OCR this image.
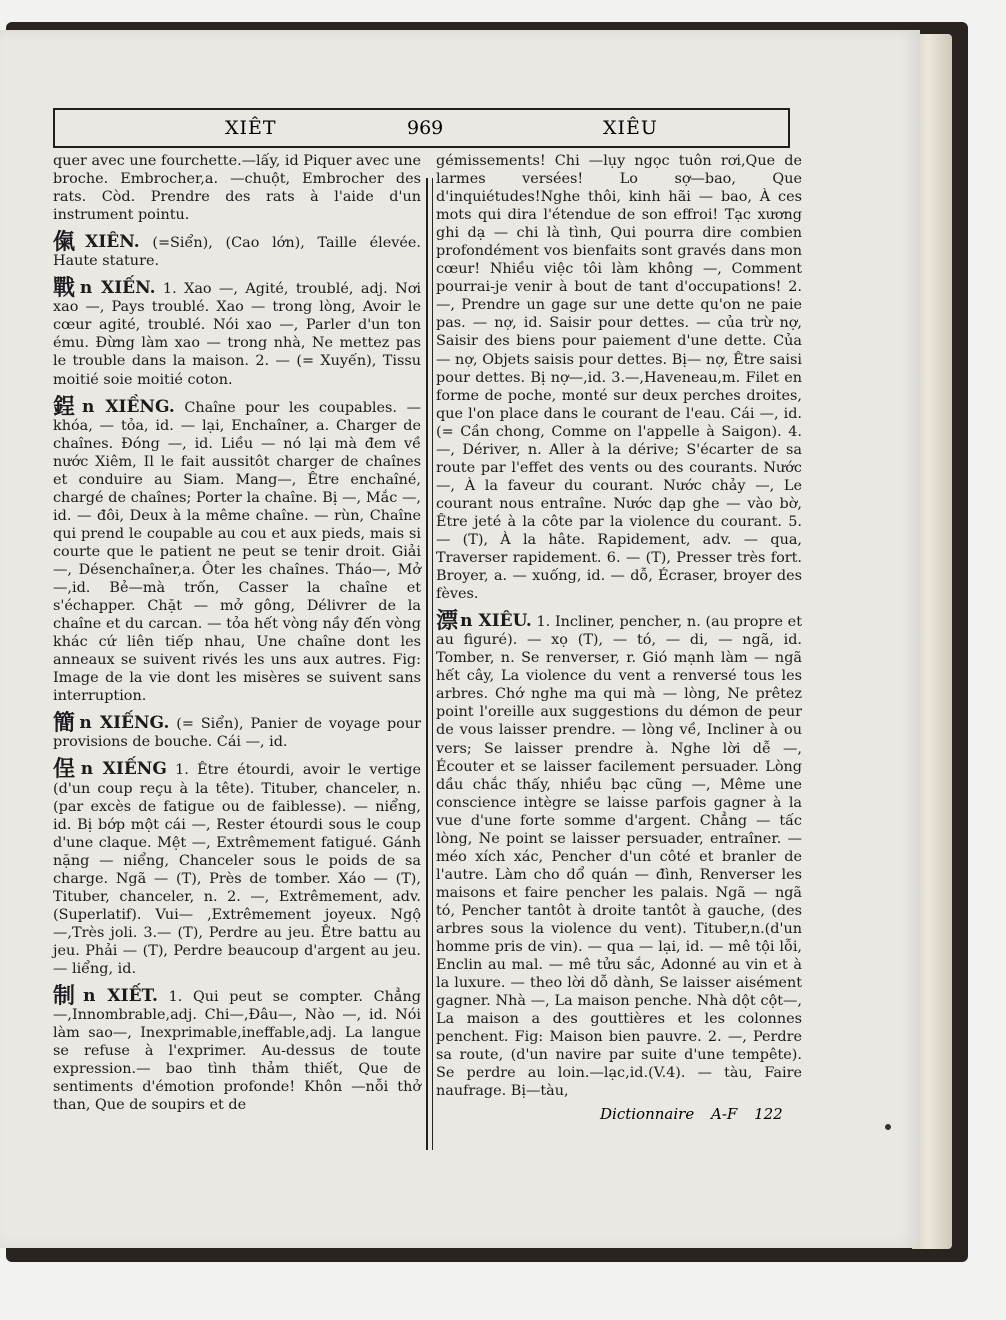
XIÊT	969	XIÊU

quer avec une fourchette.—lấy, id Piquer avec une broche. Embrocher,a. —chuột, Embrocher des rats. Còd. Prendre des rats à l'aide d'un instrument pointu.

㑶 XIÊN. (=Siển), (Cao lớn), Taille élevée. Haute stature.

戰 n XIẾN. 1. Xao —, Agité, troublé, adj. Nơi xao —, Pays troublé. Xao — trong lòng, Avoir le cœur agité, troublé. Nói xao —, Parler d'un ton ému. Đừng làm xao — trong nhà, Ne mettez pas le trouble dans la maison. 2. — (= Xuyến), Tissu moitié soie moitié coton.

鋥 n XIỀNG. Chaîne pour les coupables. — khóa, — tỏa, id. — lại, Enchaîner, a. Charger de chaînes. Đóng —, id. Liều — nó lại mà đem về nước Xiêm, Il le fait aussitôt charger de chaînes et conduire au Siam. Mang—, Être enchaîné, chargé de chaînes; Porter la chaîne. Bị —, Mắc —, id. — đôi, Deux à la même chaîne. — rùn, Chaîne qui prend le coupable au cou et aux pieds, mais si courte que le patient ne peut se tenir droit. Giải —, Désenchaîner,a. Ôter les chaînes. Tháo—, Mở—,id. Bẻ—mà trốn, Casser la chaîne et s'échapper. Chặt — mở gông, Délivrer de la chaîne et du carcan. — tỏa hết vòng nầy đến vòng khác cứ liên tiếp nhau, Une chaîne dont les anneaux se suivent rivés les uns aux autres. Fig: Image de la vie dont les misères se suivent sans interruption.

簡 n XIẾNG. (= Siển), Panier de voyage pour provisions de bouche. Cái —, id.

侱 n XIẾNG 1. Être étourdi, avoir le vertige (d'un coup reçu à la tête). Tituber, chanceler, n. (par excès de fatigue ou de faiblesse). — niểng, id. Bị bớp một cái —, Rester étourdi sous le coup d'une claque. Mệt —, Extrêmement fatigué. Gánh nặng — niểng, Chanceler sous le poids de sa charge. Ngã — (T), Près de tomber. Xáo — (T), Tituber, chanceler, n. 2. —, Extrêmement, adv. (Superlatif). Vui— ,Extrêmement joyeux. Ngộ—,Très joli. 3.— (T), Perdre au jeu. Être battu au jeu. Phải — (T), Perdre beaucoup d'argent au jeu. — liểng, id.

制 n XIẾT. 1. Qui peut se compter. Chẳng —,Innombrable,adj. Chi—,Đâu—, Nào —, id. Nói làm sao—, Inexprimable,ineffable,adj. La langue se refuse à l'exprimer. Au-dessus de toute expression.— bao tình thảm thiết, Que de sentiments d'émotion profonde! Khôn —nỗi thở than, Que de soupirs et de

gémissements! Chi —lụy ngọc tuôn rơi,Que de larmes versées! Lo sợ—bao, Que d'inquiétudes!Nghe thôi, kinh hãi — bao, À ces mots qui dira l'étendue de son effroi! Tạc xương ghi dạ — chi là tình, Qui pourra dire combien profondément vos bienfaits sont gravés dans mon cœur! Nhiều việc tôi làm không —, Comment pourrai-je venir à bout de tant d'occupations! 2. —, Prendre un gage sur une dette qu'on ne paie pas. — nợ, id. Saisir pour dettes. — của trừ nợ, Saisir des biens pour paiement d'une dette. Của — nợ, Objets saisis pour dettes. Bị— nợ, Être saisi pour dettes. Bị nợ—,id. 3.—,Haveneau,m. Filet en forme de poche, monté sur deux perches droites, que l'on place dans le courant de l'eau. Cái —, id. (= Cần chong, Comme on l'appelle à Saigon). 4. —, Dériver, n. Aller à la dérive; S'écarter de sa route par l'effet des vents ou des courants. Nước—, À la faveur du courant. Nước chảy —, Le courant nous entraîne. Nước dạp ghe — vào bờ, Être jeté à la côte par la violence du courant. 5. — (T), À la hâte. Rapidement, adv. — qua, Traverser rapidement. 6. — (T), Presser très fort. Broyer, a. — xuống, id. — dỗ, Écraser, broyer des fèves.

漂 n XIÊU. 1. Incliner, pencher, n. (au propre et au figuré). — xọ (T), — tó, — di, — ngã, id. Tomber, n. Se renverser, r. Gió mạnh làm — ngã hết cây, La violence du vent a renversé tous les arbres. Chớ nghe ma qui mà — lòng, Ne prêtez point l'oreille aux suggestions du démon de peur de vous laisser prendre. — lòng về, Incliner à ou vers; Se laisser prendre à. Nghe lời dễ —, Écouter et se laisser facilement persuader. Lòng dầu chắc thấy, nhiều bạc cũng —, Même une conscience intègre se laisse parfois gagner à la vue d'une forte somme d'argent. Chẳng — tấc lòng, Ne point se laisser persuader, entraîner. — méo xích xác, Pencher d'un côté et branler de l'autre. Làm cho dổ quán — đình, Renverser les maisons et faire pencher les palais. Ngã — ngã tó, Pencher tantôt à droite tantôt à gauche, (des arbres sous la violence du vent). Tituber,n.(d'un homme pris de vin). — qua — lại, id. — mê tội lỗi, Enclin au mal. — mê tửu sắc, Adonné au vin et à la luxure. — theo lời dỗ dành, Se laisser aisément gagner. Nhà —, La maison penche. Nhà dột cột—, La maison a des gouttières et les colonnes penchent. Fig: Maison bien pauvre. 2. —, Perdre sa route, (d'un navire par suite d'une tempête). Se perdre au loin.—lạc,id.(V.4). — tàu, Faire naufrage. Bị—tàu,

Dictionnaire A-F 122
